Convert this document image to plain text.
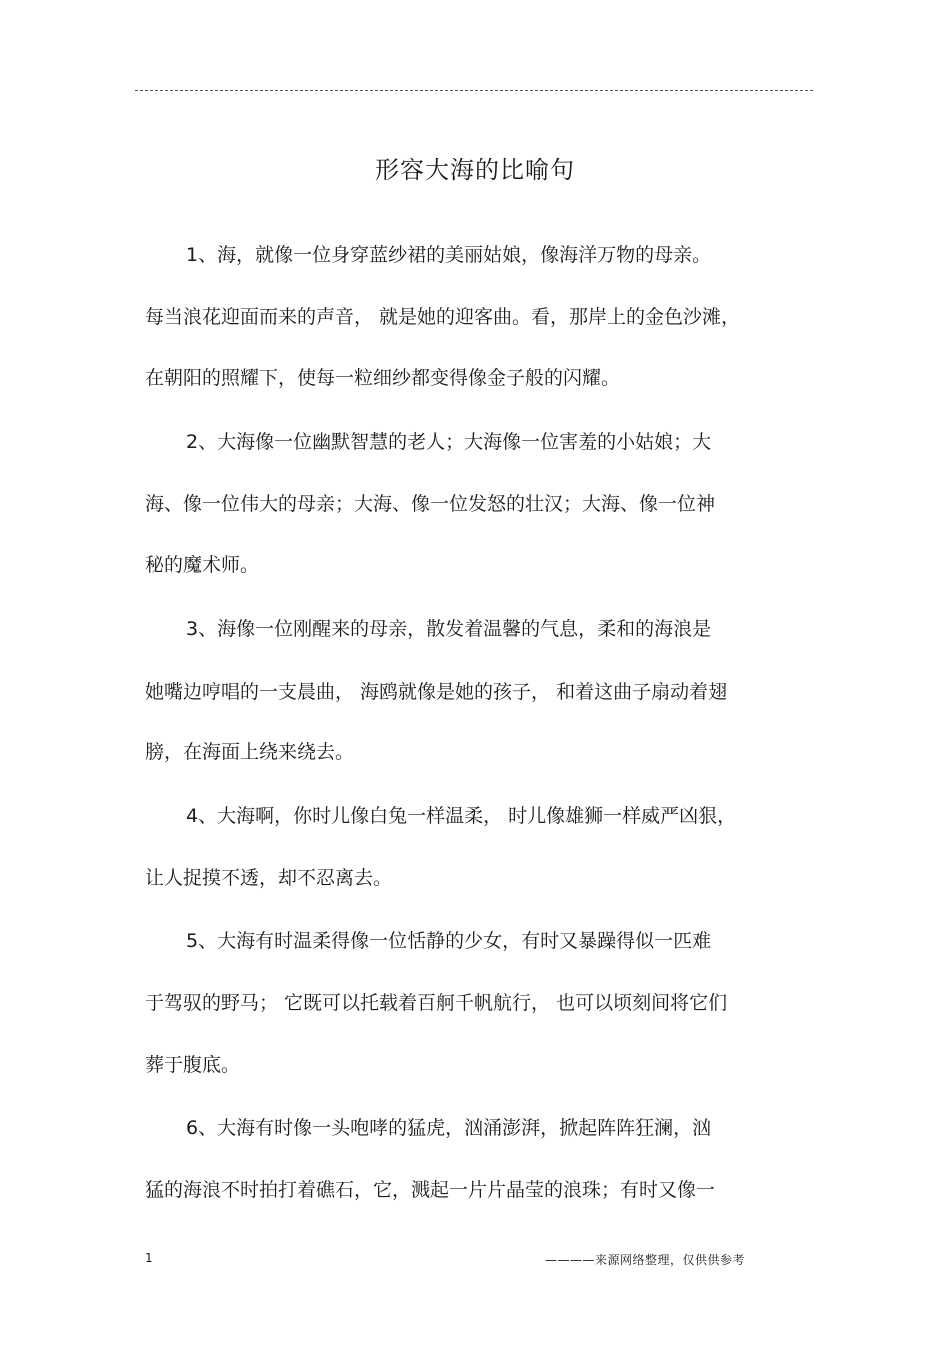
形容大海的比喻句
1、海，就像一位身穿蓝纱裙的美丽姑娘，像海洋万物的母亲。
每当浪花迎面而来的声音， 就是她的迎客曲。看，那岸上的金色沙滩，
在朝阳的照耀下，使每一粒细纱都变得像金子般的闪耀。
2、大海像一位幽默智慧的老人；大海像一位害羞的小姑娘；大
海、像一位伟大的母亲；大海、像一位发怒的壮汉；大海、像一位神
秘的魔术师。
3、海像一位刚醒来的母亲，散发着温馨的气息，柔和的海浪是
她嘴边哼唱的一支晨曲， 海鸥就像是她的孩子， 和着这曲子扇动着翅
膀，在海面上绕来绕去。
4、大海啊，你时儿像白兔一样温柔， 时儿像雄狮一样威严凶狠，
让人捉摸不透，却不忍离去。
5、大海有时温柔得像一位恬静的少女，有时又暴躁得似一匹难
于驾驭的野马； 它既可以托载着百舸千帆航行， 也可以顷刻间将它们
葬于腹底。
6、大海有时像一头咆哮的猛虎，汹涌澎湃，掀起阵阵狂澜，汹
猛的海浪不时拍打着礁石，它，溅起一片片晶莹的浪珠；有时又像一
1	————来源网络整理，仅供供参考
